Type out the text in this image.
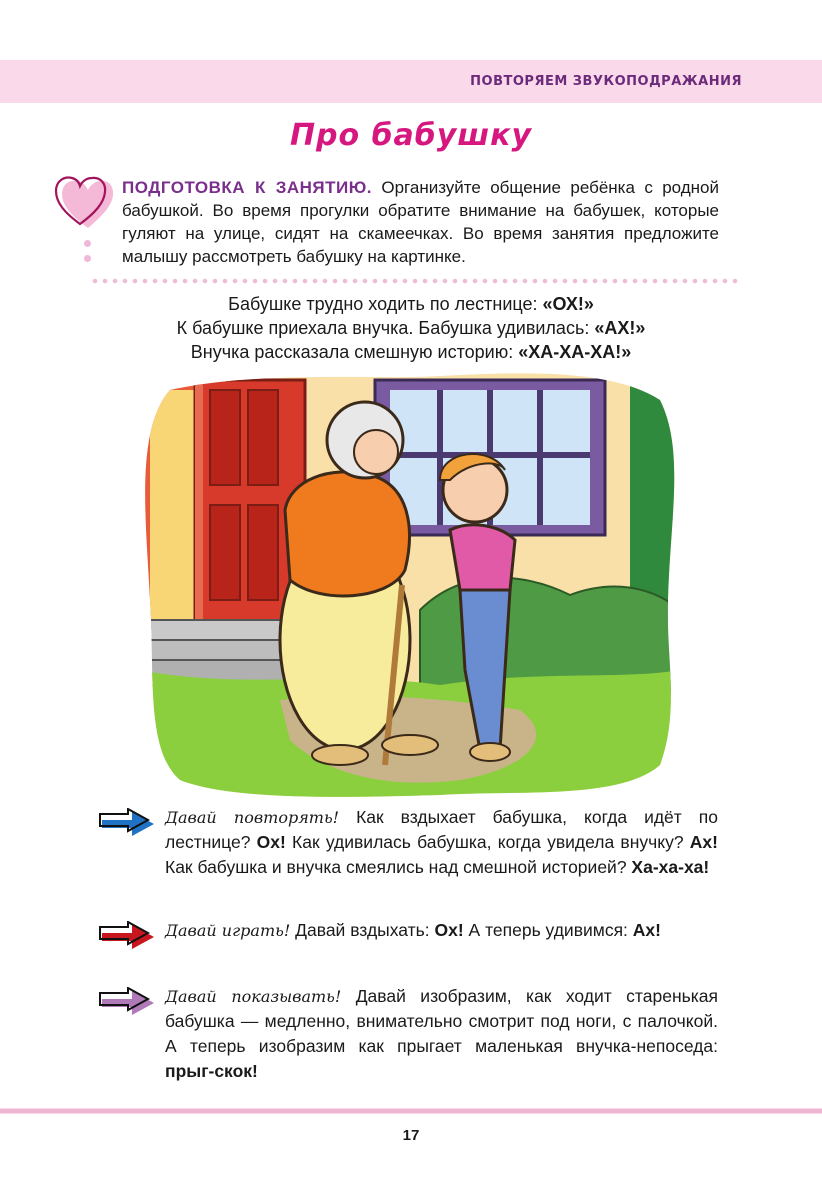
ПОВТОРЯЕМ ЗВУКОПОДРАЖАНИЯ
Про бабушку
ПОДГОТОВКА К ЗАНЯТИЮ. Организуйте общение ребёнка с родной бабушкой. Во время прогулки обратите внимание на бабушек, которые гуляют на улице, сидят на скамеечках. Во время занятия предложите малышу рассмотреть бабушку на картинке.
Бабушке трудно ходить по лестнице: «ОХ!»
К бабушке приехала внучка. Бабушка удивилась: «АХ!»
Внучка рассказала смешную историю: «ХА-ХА-ХА!»
Давай повторять! Как вздыхает бабушка, когда идёт по лестнице? Ох! Как удивилась бабушка, когда увидела внучку? Ах! Как бабушка и внучка смеялись над смешной историей? Ха-ха-ха!
Давай играть! Давай вздыхать: Ох! А теперь удивимся: Ах!
Давай показывать! Давай изобразим, как ходит старенькая бабушка — медленно, внимательно смотрит под ноги, с палочкой. А теперь изобразим как прыгает маленькая внучка-непоседа: прыг-скок!
17
